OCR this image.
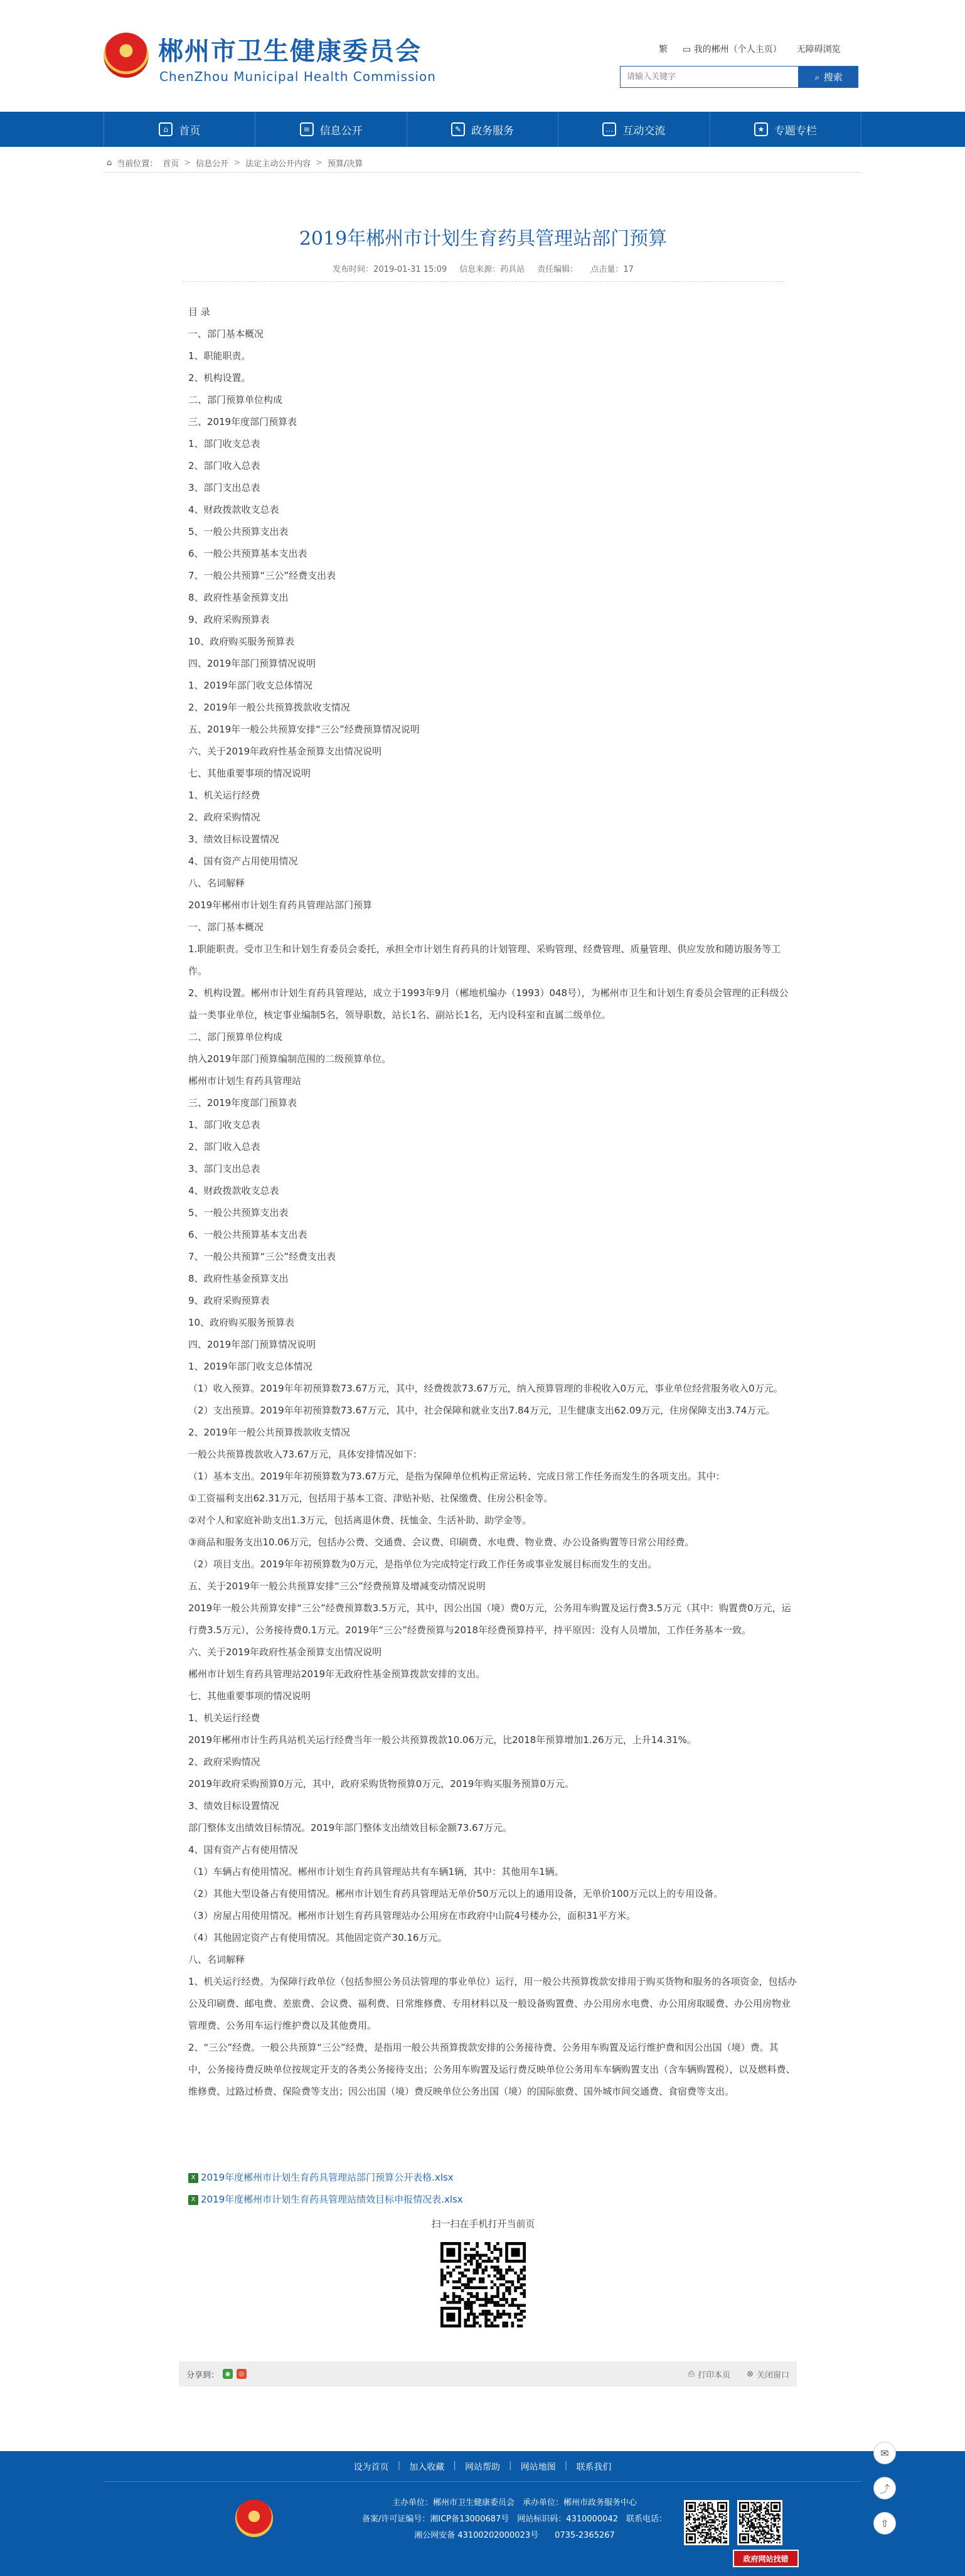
郴州市卫生健康委员会
ChenZhou Municipal Health Commission
繁 ▭ 我的郴州（个人主页） 无障碍浏览
请输入关键字
⌕ 搜索
⌂	首页	≡ 信息公开	✎ 政务服务	… 互动交流	★ 专题专栏
⌂ 当前位置： 首页 > 信息公开 > 法定主动公开内容 > 预算/决算
2019年郴州市计划生育药具管理站部门预算
发布时间：2019-01-31 15:09 信息来源：药具站 责任编辑： 点击量：17

目 录

一、部门基本概况

1、职能职责。

2、机构设置。

二、部门预算单位构成

三、2019年度部门预算表

1、部门收支总表

2、部门收入总表

3、部门支出总表

4、财政拨款收支总表

5、一般公共预算支出表

6、一般公共预算基本支出表

7、一般公共预算“三公”经费支出表

8、政府性基金预算支出

9、政府采购预算表

10、政府购买服务预算表

四、2019年部门预算情况说明

1、2019年部门收支总体情况

2、2019年一般公共预算拨款收支情况

五、2019年一般公共预算安排“三公”经费预算情况说明

六、关于2019年政府性基金预算支出情况说明

七、其他重要事项的情况说明

1、机关运行经费

2、政府采购情况

3、绩效目标设置情况

4、国有资产占用使用情况

八、名词解释

2019年郴州市计划生育药具管理站部门预算

一、部门基本概况

1.职能职责。受市卫生和计划生育委员会委托，承担全市计划生育药具的计划管理、采购管理、经费管理、质量管理、供应发放和随访服务等工作。

2、机构设置。郴州市计划生育药具管理站，成立于1993年9月（郴地机编办（1993）048号），为郴州市卫生和计划生育委员会管理的正科级公益一类事业单位，核定事业编制5名，领导职数，站长1名、副站长1名，无内设科室和直属二级单位。

二、部门预算单位构成

纳入2019年部门预算编制范围的二级预算单位。

郴州市计划生育药具管理站

三、2019年度部门预算表

1、部门收支总表

2、部门收入总表

3、部门支出总表

4、财政拨款收支总表

5、一般公共预算支出表

6、一般公共预算基本支出表

7、一般公共预算“三公”经费支出表

8、政府性基金预算支出

9、政府采购预算表

10、政府购买服务预算表

四、2019年部门预算情况说明

1、2019年部门收支总体情况

（1）收入预算。2019年年初预算数73.67万元，其中，经费拨款73.67万元，纳入预算管理的非税收入0万元，事业单位经营服务收入0万元。

（2）支出预算。2019年年初预算数73.67万元，其中，社会保障和就业支出7.84万元，卫生健康支出62.09万元，住房保障支出3.74万元。

2、2019年一般公共预算拨款收支情况

一般公共预算拨款收入73.67万元，具体安排情况如下：

（1）基本支出。2019年年初预算数为73.67万元，是指为保障单位机构正常运转、完成日常工作任务而发生的各项支出。其中：

①工资福利支出62.31万元，包括用于基本工资、津贴补贴、社保缴费、住房公积金等。

②对个人和家庭补助支出1.3万元，包括离退休费、抚恤金、生活补助、助学金等。

③商品和服务支出10.06万元，包括办公费、交通费、会议费、印刷费、水电费、物业费、办公设备购置等日常公用经费。

（2）项目支出。2019年年初预算数为0万元，是指单位为完成特定行政工作任务或事业发展目标而发生的支出。

五、关于2019年一般公共预算安排“三公”经费预算及增减变动情况说明

2019年一般公共预算安排“三公”经费预算数3.5万元，其中，因公出国（境）费0万元，公务用车购置及运行费3.5万元（其中：购置费0万元，运行费3.5万元），公务接待费0.1万元。2019年“三公”经费预算与2018年经费预算持平，持平原因：没有人员增加，工作任务基本一致。

六、关于2019年政府性基金预算支出情况说明

郴州市计划生育药具管理站2019年无政府性基金预算拨款安排的支出。

七、其他重要事项的情况说明

1、机关运行经费

2019年郴州市计生药具站机关运行经费当年一般公共预算拨款10.06万元，比2018年预算增加1.26万元，上升14.31%。

2、政府采购情况

2019年政府采购预算0万元，其中，政府采购货物预算0万元，2019年购买服务预算0万元。

3、绩效目标设置情况

部门整体支出绩效目标情况。2019年部门整体支出绩效目标金额73.67万元。

4、国有资产占有使用情况

（1）车辆占有使用情况。郴州市计划生育药具管理站共有车辆1辆，其中：其他用车1辆。

（2）其他大型设备占有使用情况。郴州市计划生育药具管理站无单价50万元以上的通用设备，无单价100万元以上的专用设备。

（3）房屋占用使用情况。郴州市计划生育药具管理站办公用房在市政府中山院4号楼办公，面积31平方米。

（4）其他固定资产占有使用情况。其他固定资产30.16万元。

八、名词解释

1、机关运行经费。为保障行政单位（包括参照公务员法管理的事业单位）运行，用一般公共预算拨款安排用于购买货物和服务的各项资金，包括办公及印刷费、邮电费、差旅费、会议费、福利费、日常维修费、专用材料以及一般设备购置费、办公用房水电费、办公用房取暖费、办公用房物业管理费、公务用车运行维护费以及其他费用。

2、“三公”经费。一般公共预算“三公”经费，是指用一般公共预算拨款安排的公务接待费、公务用车购置及运行维护费和因公出国（境）费。其中，公务接待费反映单位按规定开支的各类公务接待支出；公务用车购置及运行费反映单位公务用车车辆购置支出（含车辆购置税），以及燃料费、维修费、过路过桥费、保险费等支出；因公出国（境）费反映单位公务出国（境）的国际旅费、国外城市间交通费、食宿费等支出。

X 2019年度郴州市计划生育药具管理站部门预算公开表格.xlsx
X 2019年度郴州市计划生育药具管理站绩效目标申报情况表.xlsx
扫一扫在手机打开当前页
分享到： ◉	◎	⎙ 打印本页 ⊗ 关闭窗口
设为首页 | 加入收藏 | 网站帮助 | 网站地图 | 联系我们
主办单位：郴州市卫生健康委员会　承办单位：郴州市政务服务中心
备案/许可证编号：湘ICP备13000687号　网站标识码：4310000042　联系电话：
湘公网安备 43100202000023号　　0735-2365267
政府网站找错
✉
⤴
⇧
